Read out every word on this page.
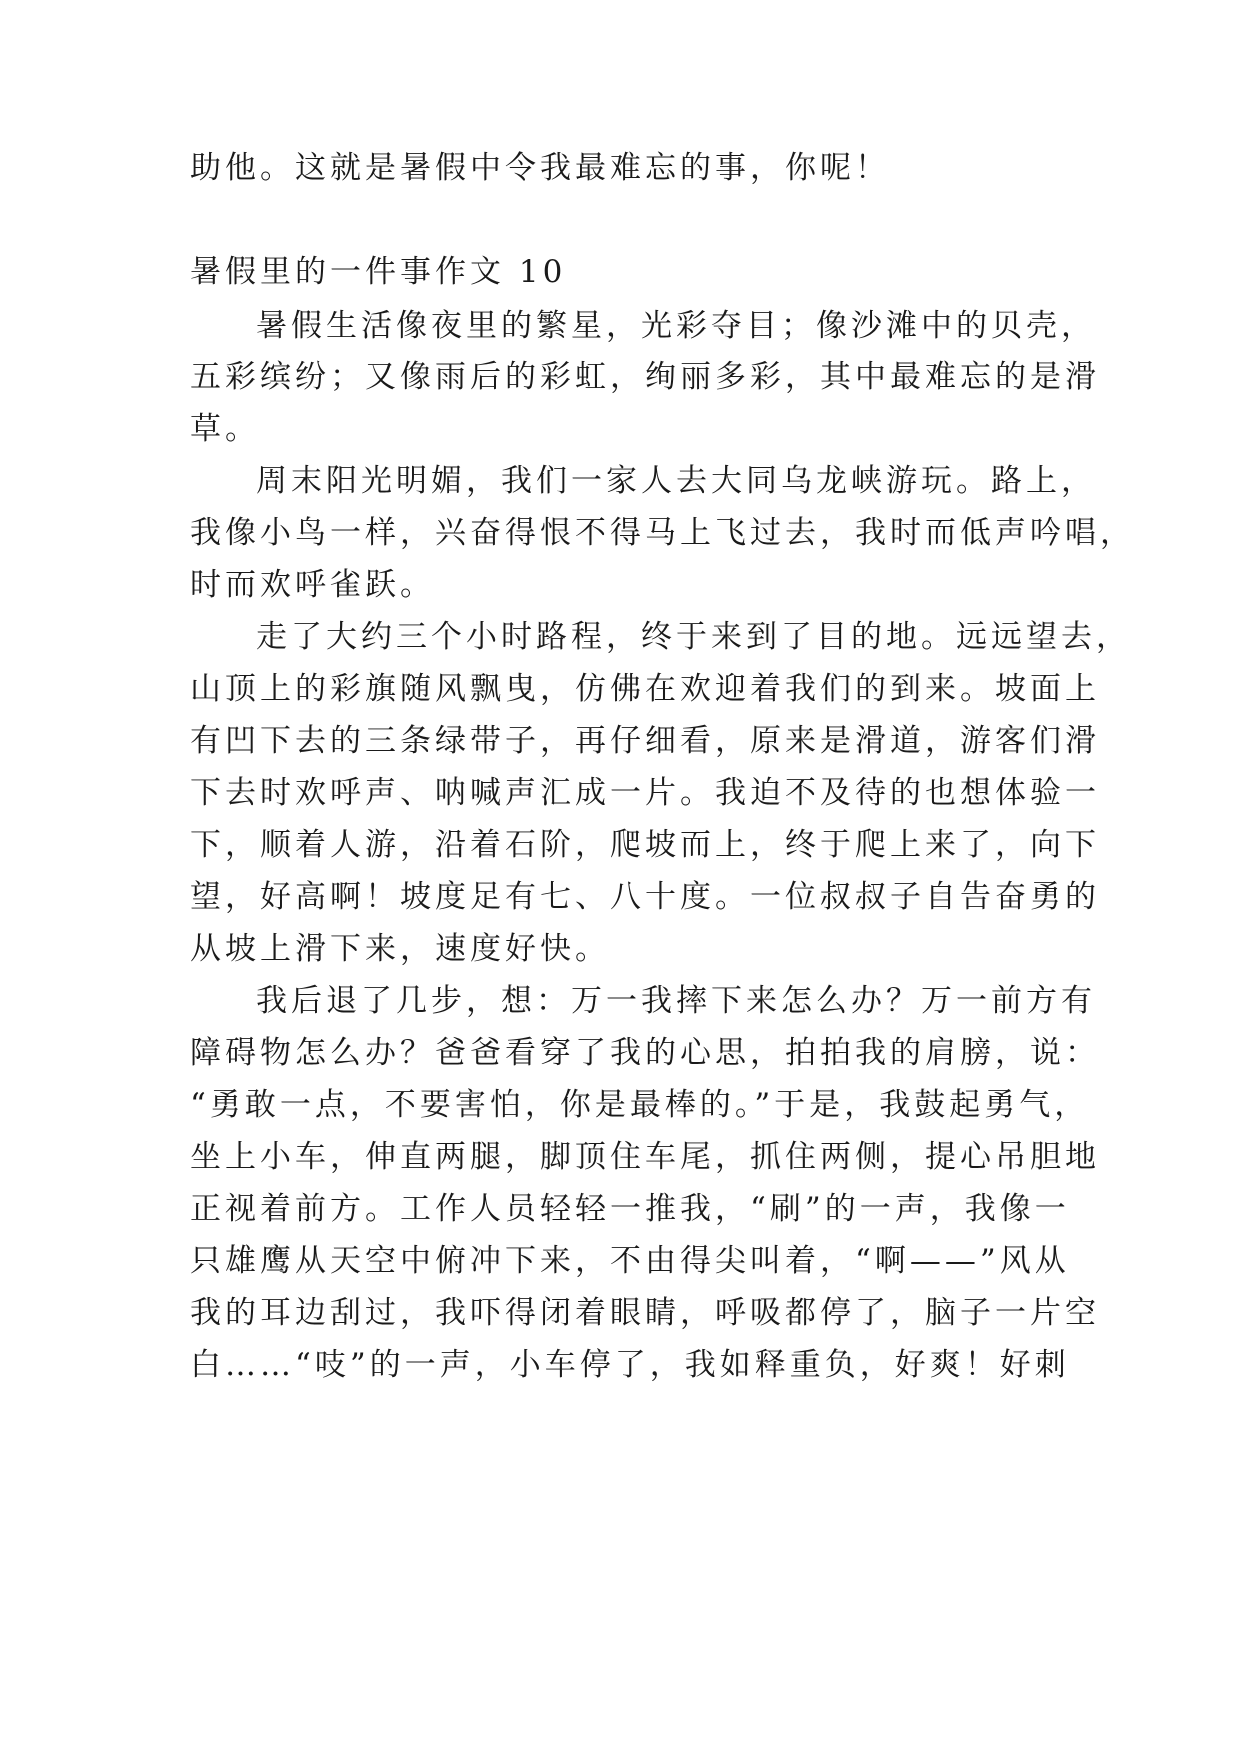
助他。这就是暑假中令我最难忘的事，你呢！
暑假里的一件事作文 10
暑假生活像夜里的繁星，光彩夺目；像沙滩中的贝壳，
五彩缤纷；又像雨后的彩虹，绚丽多彩，其中最难忘的是滑
草。
周末阳光明媚，我们一家人去大同乌龙峡游玩。路上，
我像小鸟一样，兴奋得恨不得马上飞过去，我时而低声吟唱，
时而欢呼雀跃。
走了大约三个小时路程，终于来到了目的地。远远望去，
山顶上的彩旗随风飘曳，仿佛在欢迎着我们的到来。坡面上
有凹下去的三条绿带子，再仔细看，原来是滑道，游客们滑
下去时欢呼声、呐喊声汇成一片。我迫不及待的也想体验一
下，顺着人游，沿着石阶，爬坡而上，终于爬上来了，向下
望，好高啊！坡度足有七、八十度。一位叔叔子自告奋勇的
从坡上滑下来，速度好快。
我后退了几步，想：万一我摔下来怎么办？万一前方有
障碍物怎么办？爸爸看穿了我的心思，拍拍我的肩膀，说：
“勇敢一点，不要害怕，你是最棒的。”于是，我鼓起勇气，
坐上小车，伸直两腿，脚顶住车尾，抓住两侧，提心吊胆地
正视着前方。工作人员轻轻一推我，“刷”的一声，我像一
只雄鹰从天空中俯冲下来，不由得尖叫着，“啊——”风从
我的耳边刮过，我吓得闭着眼睛，呼吸都停了，脑子一片空
白……“吱”的一声，小车停了，我如释重负，好爽！好刺
